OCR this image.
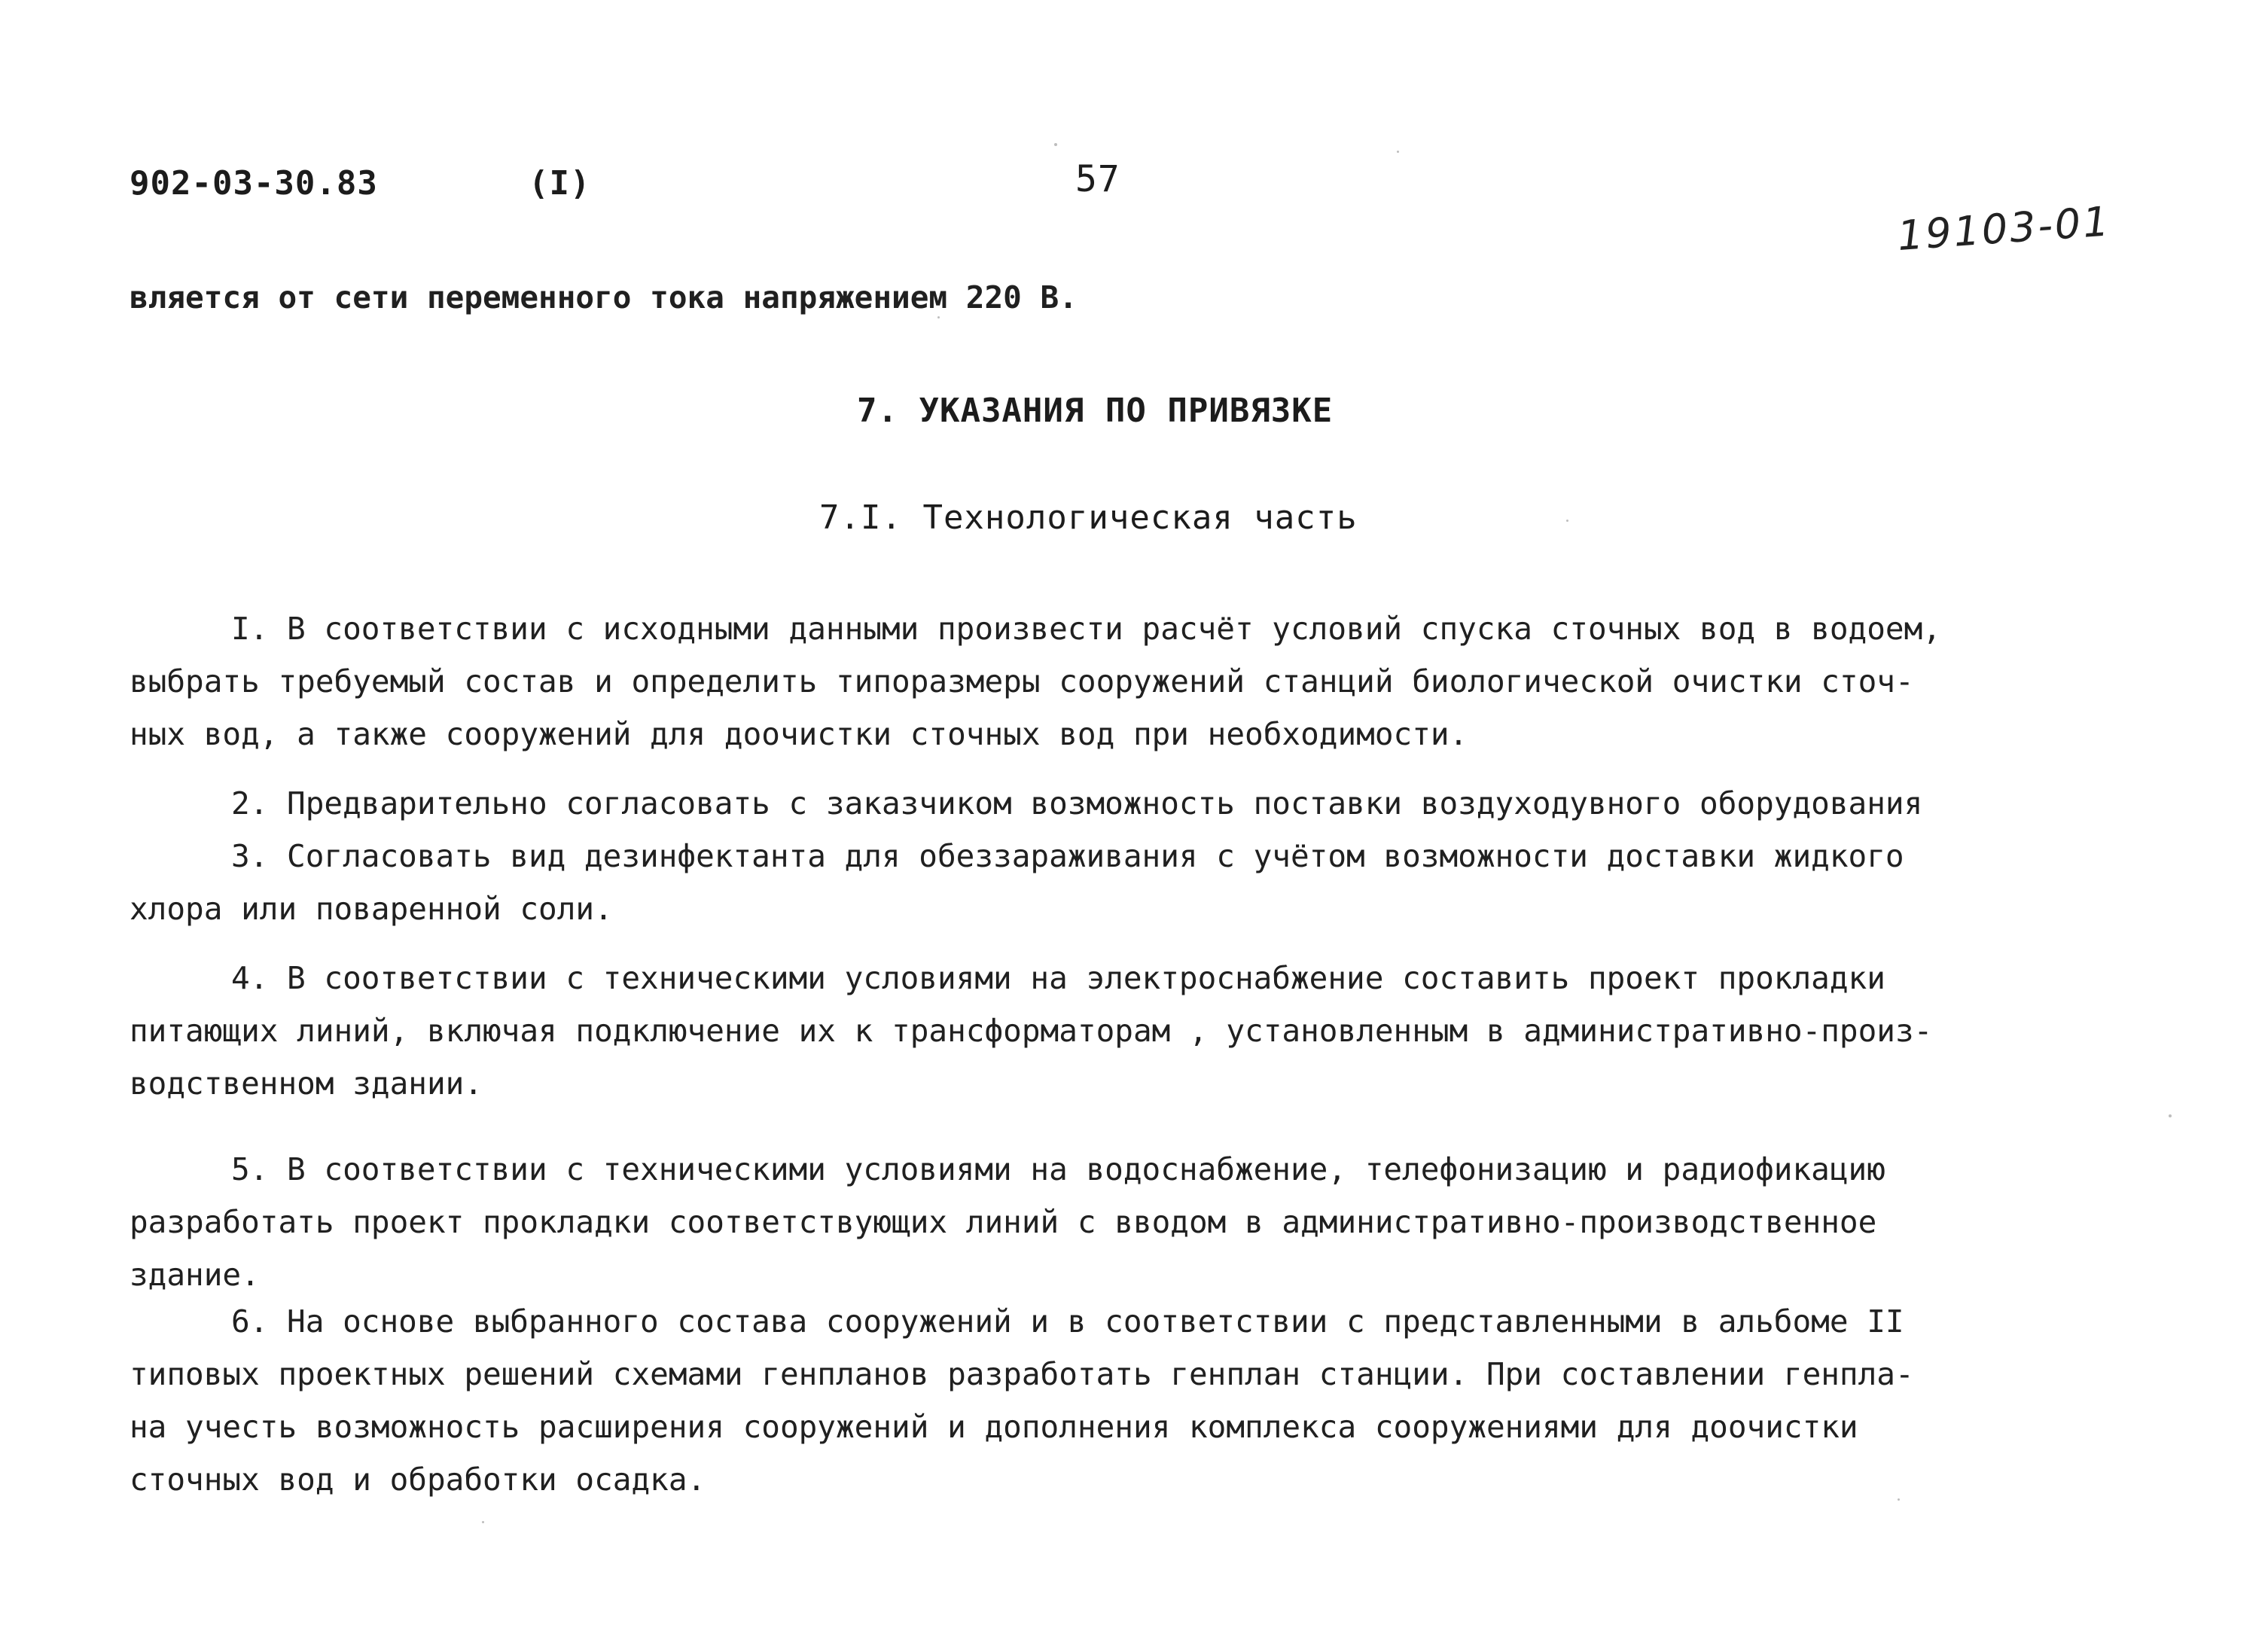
902-03-30.83	(I)	57
19103-01
вляется от сети переменного тока напряжением 220 В.
7. УКАЗАНИЯ ПО ПРИВЯЗКЕ
7.I. Технологическая часть
I. В соответствии с исходными данными произвести расчёт условий спуска сточных вод в водоем,
выбрать требуемый состав и определить типоразмеры сооружений станций биологической очистки сточ-
ных вод, а также сооружений для доочистки сточных вод при необходимости.
2. Предварительно согласовать с заказчиком возможность поставки воздуходувного оборудования
3. Согласовать вид дезинфектанта для обеззараживания с учётом возможности доставки жидкого
хлора или поваренной соли.
4. В соответствии с техническими условиями на электроснабжение составить проект прокладки
питающих линий, включая подключение их к трансформаторам , установленным в административно-произ-
водственном здании.
5. В соответствии с техническими условиями на водоснабжение, телефонизацию и радиофикацию
разработать проект прокладки соответствующих линий с вводом в административно-производственное
здание.
6. На основе выбранного состава сооружений и в соответствии с представленными в альбоме II
типовых проектных решений схемами генпланов разработать генплан станции. При составлении генпла-
на учесть возможность расширения сооружений и дополнения комплекса сооружениями для доочистки
сточных вод и обработки осадка.
